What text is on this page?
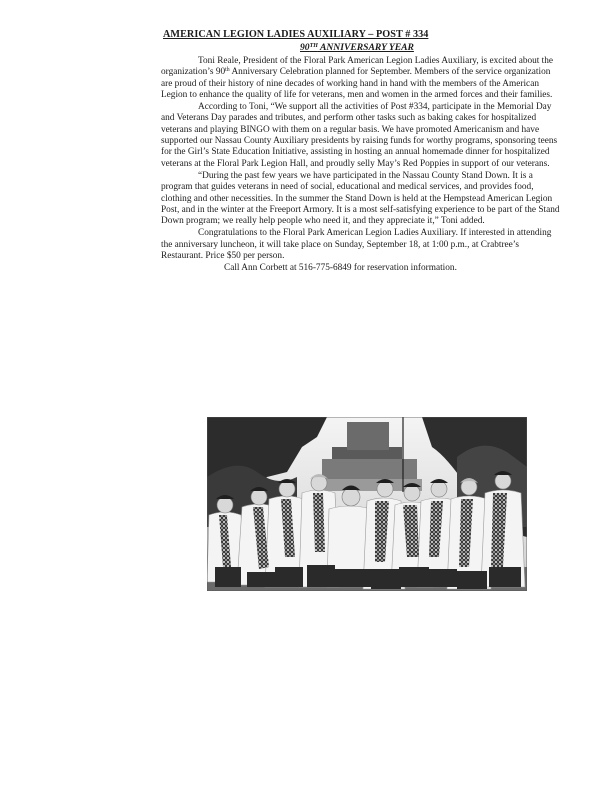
AMERICAN LEGION LADIES AUXILIARY – POST # 334
90TH ANNIVERSARY YEAR

Toni Reale, President of the Floral Park American Legion Ladies Auxiliary, is excited about the organization’s 90th Anniversary Celebration planned for September. Members of the service organization are proud of their history of nine decades of working hand in hand with the members of the American Legion to enhance the quality of life for veterans, men and women in the armed forces and their families.

According to Toni, “We support all the activities of Post #334, participate in the Memorial Day and Veterans Day parades and tributes, and perform other tasks such as baking cakes for hospitalized veterans and playing BINGO with them on a regular basis. We have promoted Americanism and have supported our Nassau County Auxiliary presidents by raising funds for worthy programs, sponsoring teens for the Girl’s State Education Initiative, assisting in hosting an annual homemade dinner for hospitalized veterans at the Floral Park Legion Hall, and proudly selly May’s Red Poppies in support of our veterans.

“During the past few years we have participated in the Nassau County Stand Down. It is a program that guides veterans in need of social, educational and medical services, and provides food, clothing and other necessities. In the summer the Stand Down is held at the Hempstead American Legion Post, and in the winter at the Freeport Armory. It is a most self-satisfying experience to be part of the Stand Down program; we really help people who need it, and they appreciate it,” Toni added.

Congratulations to the Floral Park American Legion Ladies Auxiliary. If interested in attending the anniversary luncheon, it will take place on Sunday, September 18, at 1:00 p.m., at Crabtree’s Restaurant. Price $50 per person.

Call Ann Corbett at 516-775-6849 for reservation information.
